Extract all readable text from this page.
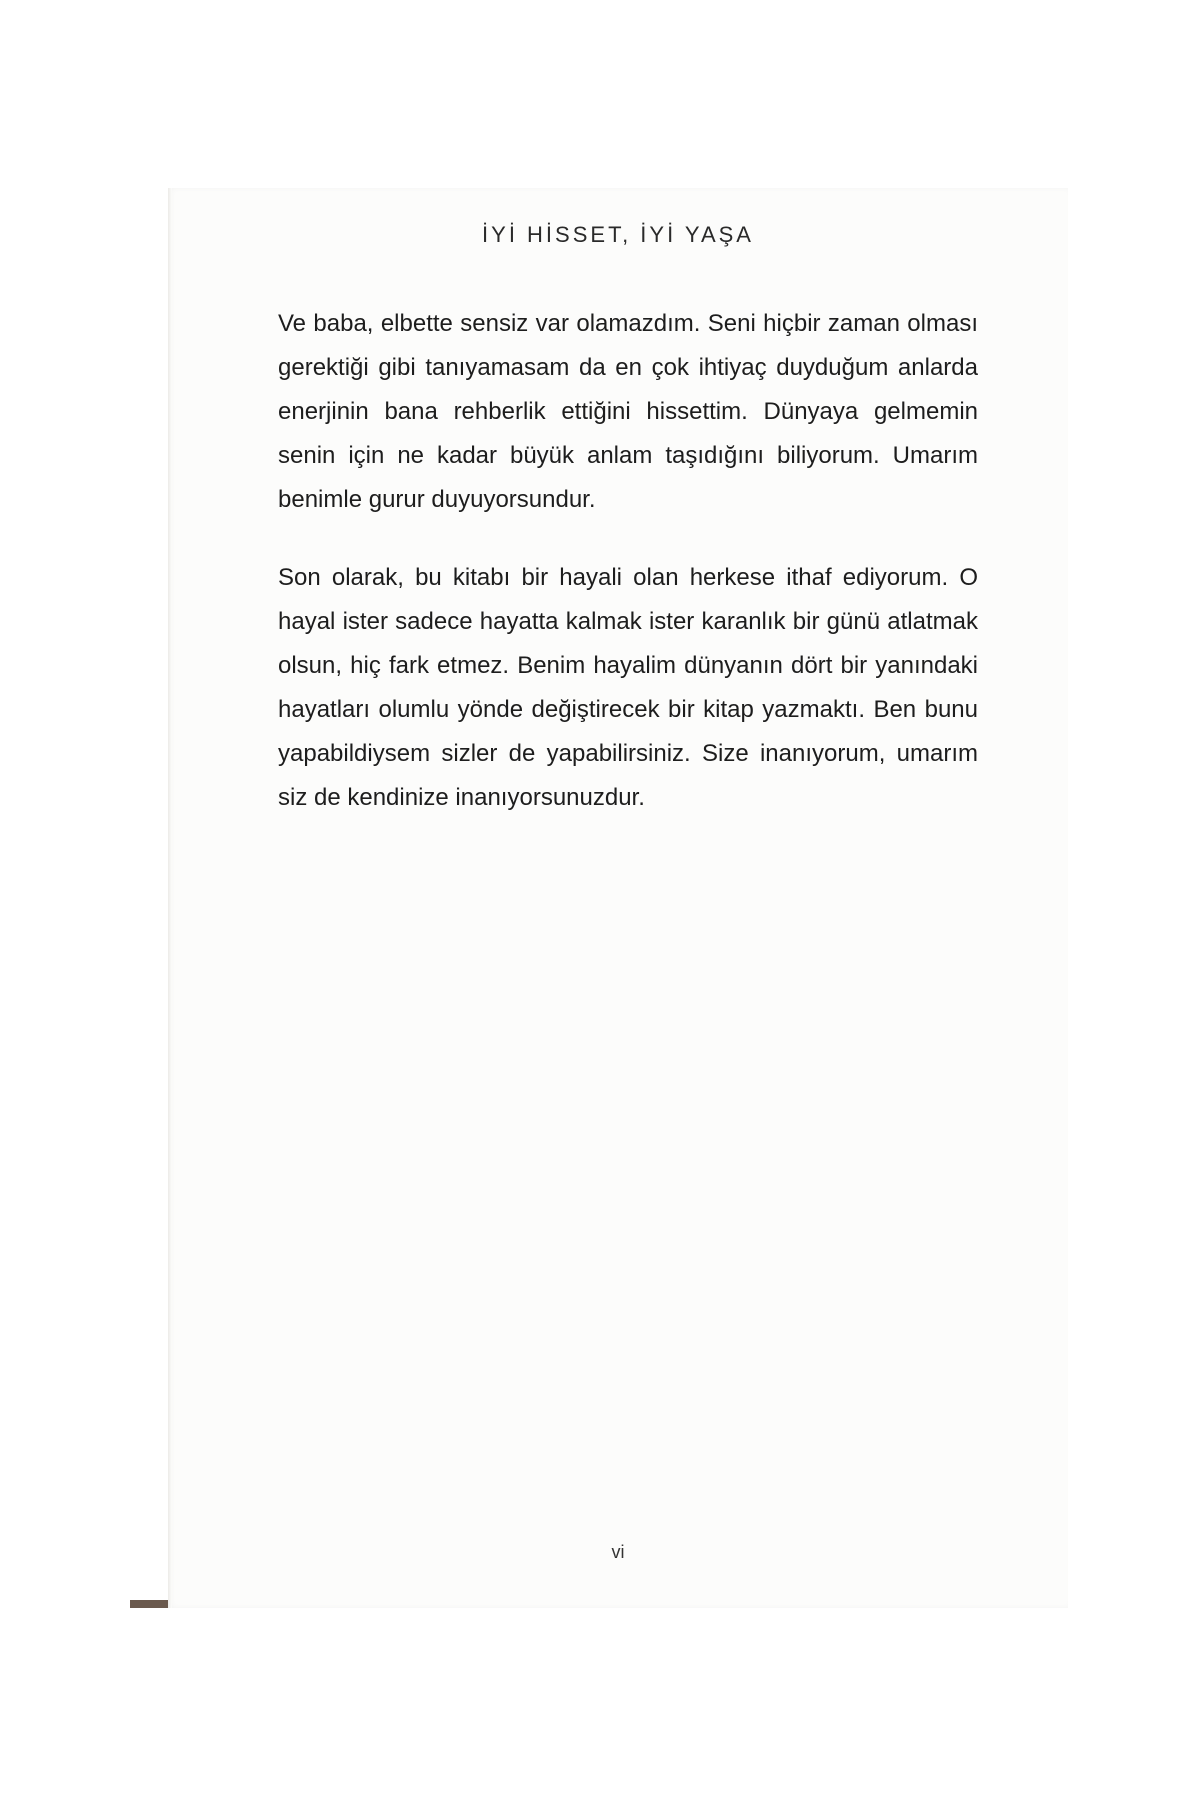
İYİ HİSSET, İYİ YAŞA

Ve baba, elbette sensiz var olamazdım. Seni hiçbir zaman olması gerektiği gibi tanıyamasam da en çok ihtiyaç duyduğum anlarda enerjinin bana rehberlik ettiğini hissettim. Dünyaya gelmemin senin için ne kadar büyük anlam taşıdığını biliyorum. Umarım benimle gurur duyuyorsundur.

Son olarak, bu kitabı bir hayali olan herkese ithaf ediyorum. O hayal ister sadece hayatta kalmak ister karanlık bir günü atlatmak olsun, hiç fark etmez. Benim hayalim dünyanın dört bir yanındaki hayatları olumlu yönde değiştirecek bir kitap yazmaktı. Ben bunu yapabildiysem sizler de yapabilirsiniz. Size inanıyorum, umarım siz de kendinize inanıyorsunuzdur.

vi
